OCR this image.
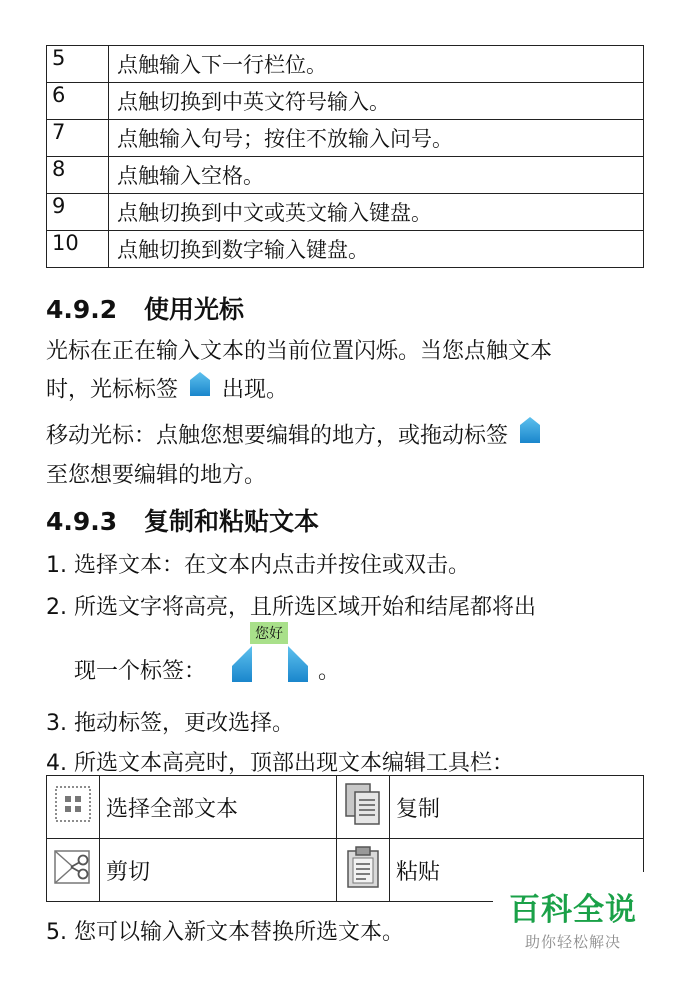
5	点触输入下一行栏位。
6	点触切换到中英文符号输入。
7	点触输入句号；按住不放输入问号。
8	点触输入空格。
9	点触切换到中文或英文输入键盘。
10	点触切换到数字输入键盘。
4.9.2 使用光标

光标在正在输入文本的当前位置闪烁。当您点触文本
时，光标标签 出现。

移动光标：点触您想要编辑的地方，或拖动标签
至您想要编辑的地方。

4.9.3 复制和粘贴文本

1. 选择文本：在文本内点击并按住或双击。

2. 所选文字将高亮，且所选区域开始和结尾都将出

现一个标签：

您好

。

3. 拖动标签，更改选择。

4. 所选文本高亮时，顶部出现文本编辑工具栏：

	选择全部文本		复制
	剪切		粘贴

5. 您可以输入新文本替换所选文本。

百科全说
助你轻松解决
